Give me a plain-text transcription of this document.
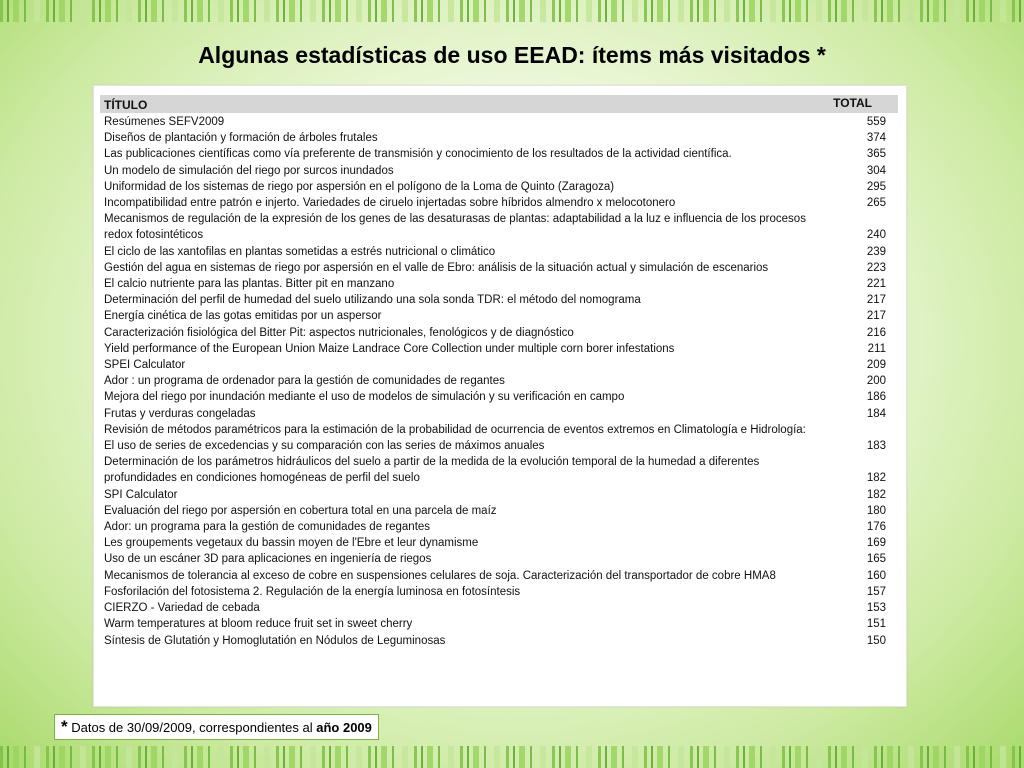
Algunas estadísticas de uso EEAD: ítems más visitados *
TÍTULO	TOTAL
Resúmenes SEFV2009	559
Diseños de plantación y formación de árboles frutales	374
Las publicaciones científicas como vía preferente de transmisión y conocimiento de los resultados de la actividad científica.	365
Un modelo de simulación del riego por surcos inundados	304
Uniformidad de los sistemas de riego por aspersión en el polígono de la Loma de Quinto (Zaragoza)	295
Incompatibilidad entre patrón e injerto. Variedades de ciruelo injertadas sobre híbridos almendro x melocotonero	265
Mecanismos de regulación de la expresión de los genes de las desaturasas de plantas: adaptabilidad a la luz e influencia de los procesos redox fotosintéticos	240
El ciclo de las xantofilas en plantas sometidas a estrés nutricional o climático	239
Gestión del agua en sistemas de riego por aspersión en el valle de Ebro: análisis de la situación actual y simulación de escenarios	223
El calcio nutriente para las plantas. Bitter pit en manzano	221
Determinación del perfil de humedad del suelo utilizando una sola sonda TDR: el método del nomograma	217
Energía cinética de las gotas emitidas por un aspersor	217
Caracterización fisiológica del Bitter Pit: aspectos nutricionales, fenológicos y de diagnóstico	216
Yield performance of the European Union Maize Landrace Core Collection under multiple corn borer infestations	211
SPEI Calculator	209
Ador : un programa de ordenador para la gestión de comunidades de regantes	200
Mejora del riego por inundación mediante el uso de modelos de simulación y su verificación en campo	186
Frutas y verduras congeladas	184
Revisión de métodos paramétricos para la estimación de la probabilidad de ocurrencia de eventos extremos en Climatología e Hidrología: El uso de series de excedencias y su comparación con las series de máximos anuales	183
Determinación de los parámetros hidráulicos del suelo a partir de la medida de la evolución temporal de la humedad a diferentes profundidades en condiciones homogéneas de perfil del suelo	182
SPI Calculator	182
Evaluación del riego por aspersión en cobertura total en una parcela de maíz	180
Ador: un programa para la gestión de comunidades de regantes	176
Les groupements vegetaux du bassin moyen de l'Ebre et leur dynamisme	169
Uso de un escáner 3D para aplicaciones en ingeniería de riegos	165
Mecanismos de tolerancia al exceso de cobre en suspensiones celulares de soja. Caracterización del transportador de cobre HMA8	160
Fosforilación del fotosistema 2. Regulación de la energía luminosa en fotosíntesis	157
CIERZO - Variedad de cebada	153
Warm temperatures at bloom reduce fruit set in sweet cherry	151
Síntesis de Glutatión y Homoglutatión en Nódulos de Leguminosas	150
* Datos de 30/09/2009, correspondientes al año 2009
